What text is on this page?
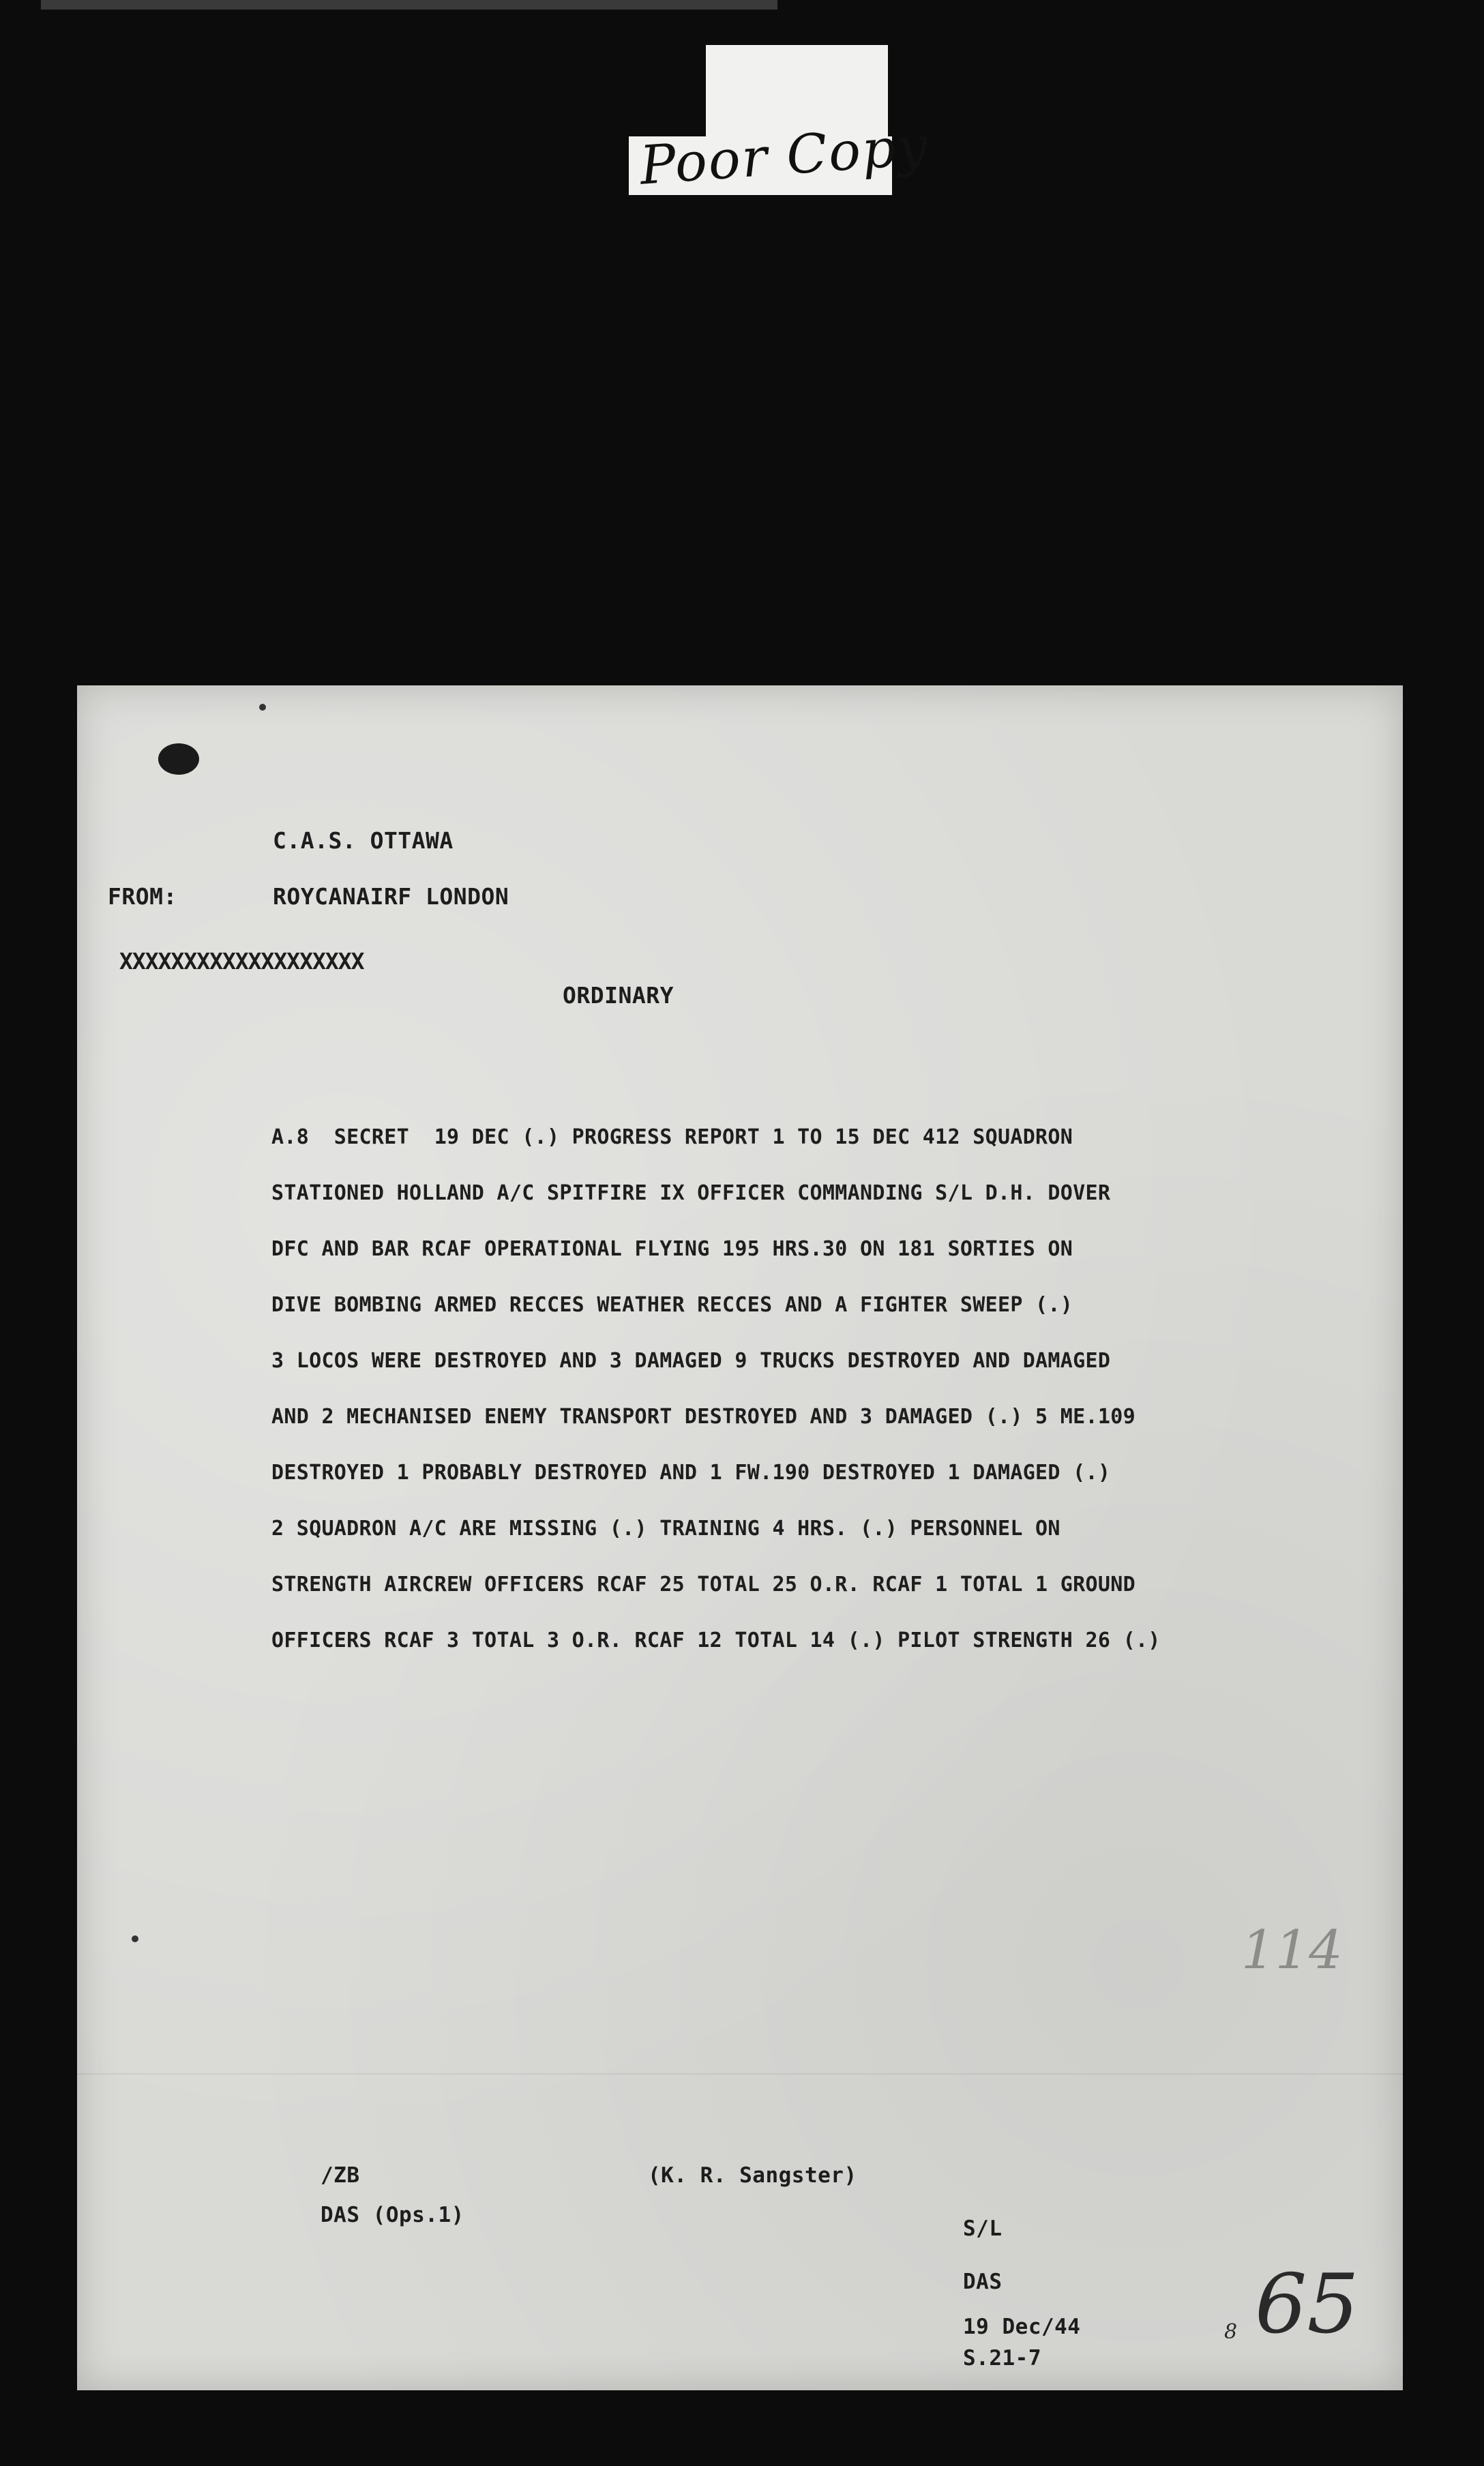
Poor Copy
C.A.S. OTTAWA
FROM:	ROYCANAIRF LONDON
XXXXXXXXXXXXXXXXXXX
ORDINARY
A.8  SECRET  19 DEC (.) PROGRESS REPORT 1 TO 15 DEC 412 SQUADRON
STATIONED HOLLAND A/C SPITFIRE IX OFFICER COMMANDING S/L D.H. DOVER
DFC AND BAR RCAF OPERATIONAL FLYING 195 HRS.30 ON 181 SORTIES ON
DIVE BOMBING ARMED RECCES WEATHER RECCES AND A FIGHTER SWEEP (.)
3 LOCOS WERE DESTROYED AND 3 DAMAGED 9 TRUCKS DESTROYED AND DAMAGED
AND 2 MECHANISED ENEMY TRANSPORT DESTROYED AND 3 DAMAGED (.) 5 ME.109
DESTROYED 1 PROBABLY DESTROYED AND 1 FW.190 DESTROYED 1 DAMAGED (.)
2 SQUADRON A/C ARE MISSING (.) TRAINING 4 HRS. (.) PERSONNEL ON
STRENGTH AIRCREW OFFICERS RCAF 25 TOTAL 25 O.R. RCAF 1 TOTAL 1 GROUND
OFFICERS RCAF 3 TOTAL 3 O.R. RCAF 12 TOTAL 14 (.) PILOT STRENGTH 26 (.)
/ZB
DAS (Ops.1)
(K. R. Sangster)
S/L
DAS
19 Dec/44
S.21-7
114
65
8
